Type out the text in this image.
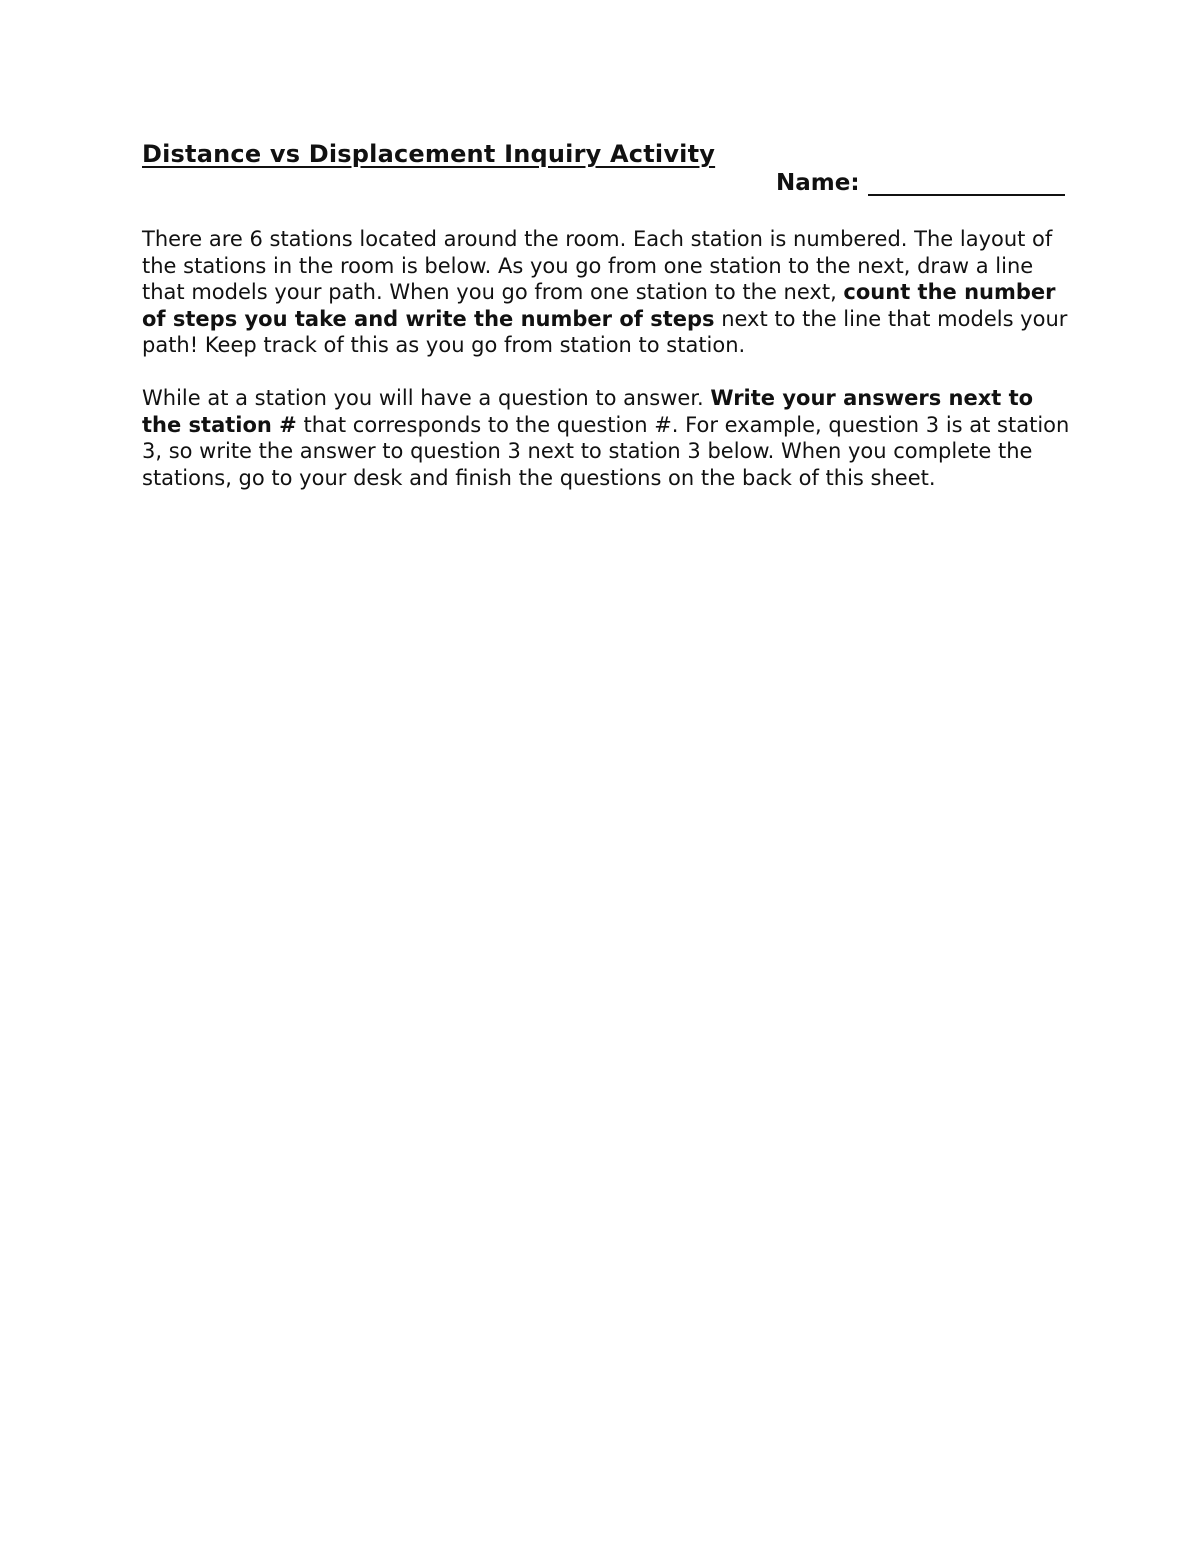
Distance vs Displacement Inquiry Activity
Name:

There are 6 stations located around the room. Each station is numbered. The layout of the stations in the room is below. As you go from one station to the next, draw a line that models your path. When you go from one station to the next, count the number of steps you take and write the number of steps next to the line that models your path! Keep track of this as you go from station to station.

While at a station you will have a question to answer. Write your answers next to the station # that corresponds to the question #. For example, question 3 is at station 3, so write the answer to question 3 next to station 3 below. When you complete the stations, go to your desk and finish the questions on the back of this sheet.
